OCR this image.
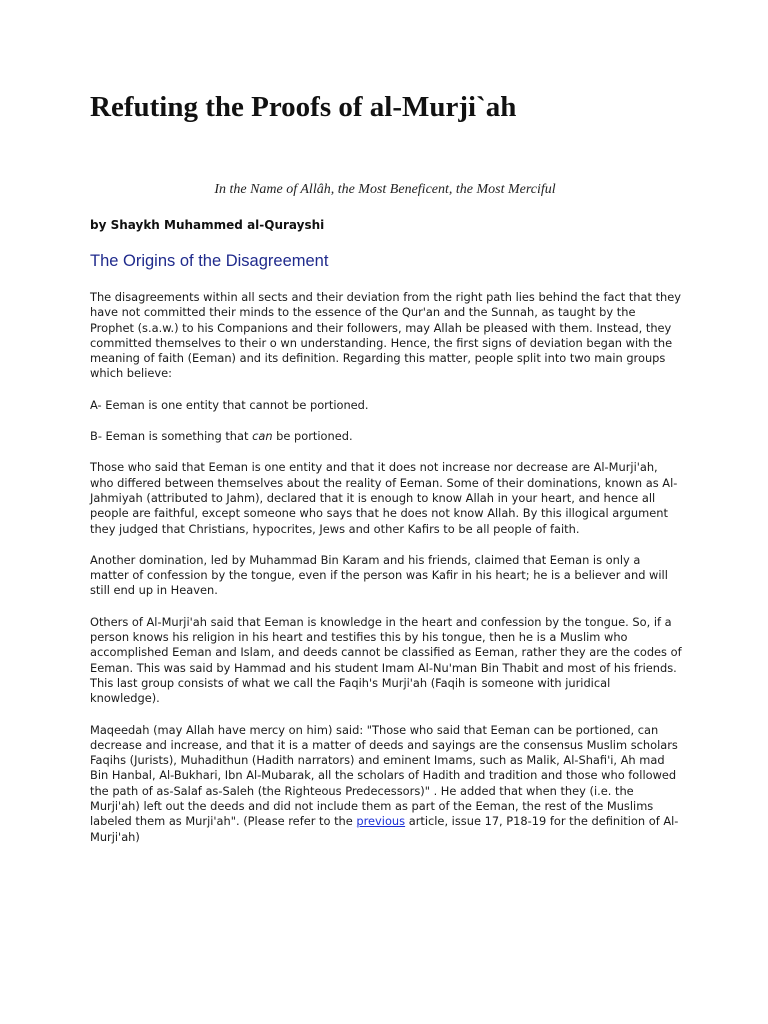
Refuting the Proofs of al-Murji`ah

In the Name of Allâh, the Most Beneficent, the Most Merciful

by Shaykh Muhammed al-Qurayshi

The Origins of the Disagreement

The disagreements within all sects and their deviation from the right path lies behind the fact that they have not committed their minds to the essence of the Qur'an and the Sunnah, as taught by the Prophet (s.a.w.) to his Companions and their followers, may Allah be pleased with them. Instead, they committed themselves to their o wn understanding. Hence, the first signs of deviation began with the meaning of faith (Eeman) and its definition. Regarding this matter, people split into two main groups which believe:

A- Eeman is one entity that cannot be portioned.

B- Eeman is something that can be portioned.

Those who said that Eeman is one entity and that it does not increase nor decrease are Al-Murji'ah, who differed between themselves about the reality of Eeman. Some of their dominations, known as Al-Jahmiyah (attributed to Jahm), declared that it is enough to know Allah in your heart, and hence all people are faithful, except someone who says that he does not know Allah. By this illogical argument they judged that Christians, hypocrites, Jews and other Kafirs to be all people of faith.

Another domination, led by Muhammad Bin Karam and his friends, claimed that Eeman is only a matter of confession by the tongue, even if the person was Kafir in his heart; he is a believer and will still end up in Heaven.

Others of Al-Murji'ah said that Eeman is knowledge in the heart and confession by the tongue. So, if a person knows his religion in his heart and testifies this by his tongue, then he is a Muslim who accomplished Eeman and Islam, and deeds cannot be classified as Eeman, rather they are the codes of Eeman. This was said by Hammad and his student Imam Al-Nu'man Bin Thabit and most of his friends. This last group consists of what we call the Faqih's Murji'ah (Faqih is someone with juridical knowledge).

Maqeedah (may Allah have mercy on him) said: "Those who said that Eeman can be portioned, can decrease and increase, and that it is a matter of deeds and sayings are the consensus Muslim scholars Faqihs (Jurists), Muhadithun (Hadith narrators) and eminent Imams, such as Malik, Al-Shafi'i, Ah mad Bin Hanbal, Al-Bukhari, Ibn Al-Mubarak, all the scholars of Hadith and tradition and those who followed the path of as-Salaf as-Saleh (the Righteous Predecessors)" . He added that when they (i.e. the Murji'ah) left out the deeds and did not include them as part of the Eeman, the rest of the Muslims labeled them as Murji'ah". (Please refer to the previous article, issue 17, P18-19 for the definition of Al-Murji'ah)
